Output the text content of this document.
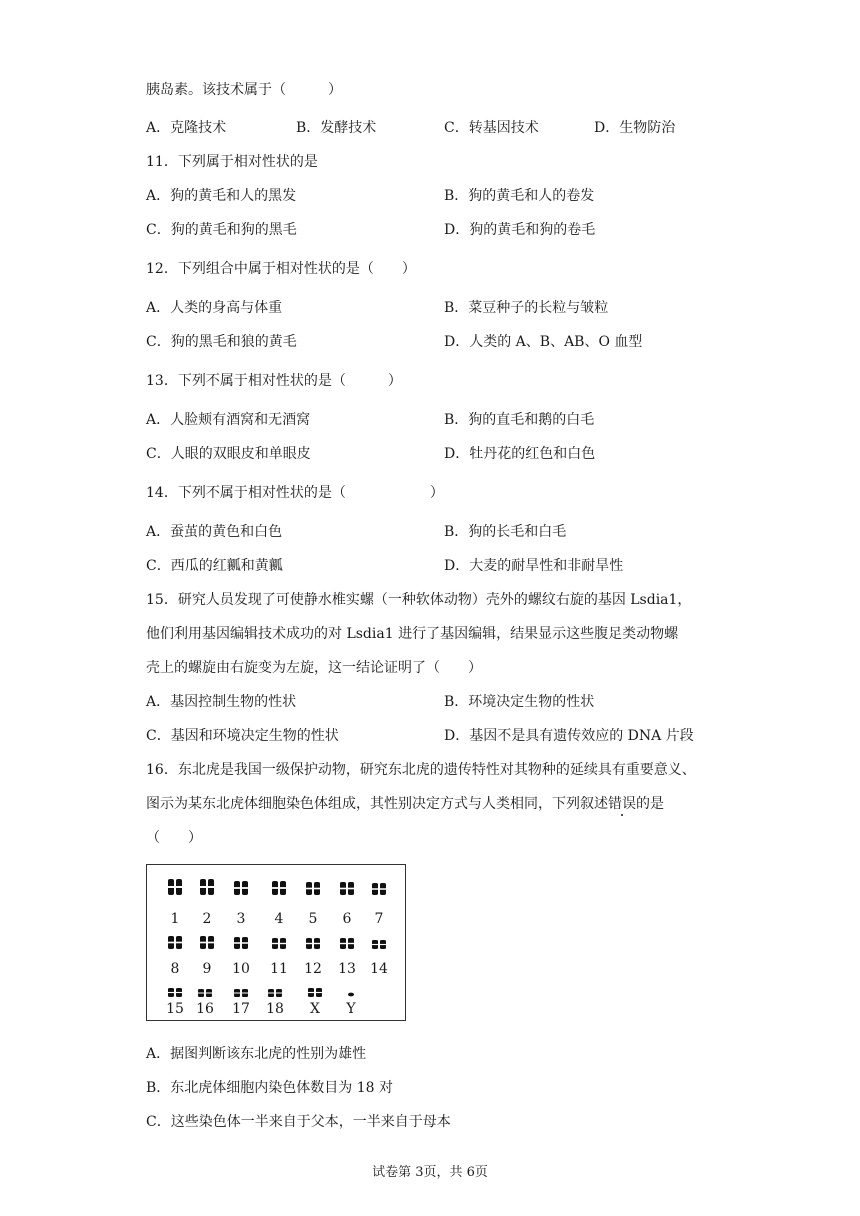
胰岛素。该技术属于（　　　）
A．克隆技术	B．发酵技术	C．转基因技术	D．生物防治
11．下列属于相对性状的是
A．狗的黄毛和人的黑发	B．狗的黄毛和人的卷发
C．狗的黄毛和狗的黑毛	D．狗的黄毛和狗的卷毛
12．下列组合中属于相对性状的是（　　）
A．人类的身高与体重	B．菜豆种子的长粒与皱粒
C．狗的黑毛和狼的黄毛	D．人类的 A、B、AB、O 血型
13．下列不属于相对性状的是（　　　）
A．人脸颊有酒窝和无酒窝	B．狗的直毛和鹅的白毛
C．人眼的双眼皮和单眼皮	D．牡丹花的红色和白色
14．下列不属于相对性状的是（　　　　　　）
A．蚕茧的黄色和白色	B．狗的长毛和白毛
C．西瓜的红瓤和黄瓤	D．大麦的耐旱性和非耐旱性
15．研究人员发现了可使静水椎实螺（一种软体动物）壳外的螺纹右旋的基因 Lsdia1，
他们利用基因编辑技术成功的对 Lsdia1 进行了基因编辑，结果显示这些腹足类动物螺
壳上的螺旋由右旋变为左旋，这一结论证明了（　　）
A．基因控制生物的性状	B．环境决定生物的性状
C．基因和环境决定生物的性状	D．基因不是具有遗传效应的 DNA 片段
16．东北虎是我国一级保护动物，研究东北虎的遗传特性对其物种的延续具有重要意义、
图示为某东北虎体细胞染色体组成，其性别决定方式与人类相同，下列叙述错误的是
（　　）
1	2	3	4	5	6	7
8	9	10 11 12 13 14
15 16 17 18	X	Y
A．据图判断该东北虎的性别为雄性
B．东北虎体细胞内染色体数目为 18 对
C．这些染色体一半来自于父本，一半来自于母本
试卷第 3页，共 6页
